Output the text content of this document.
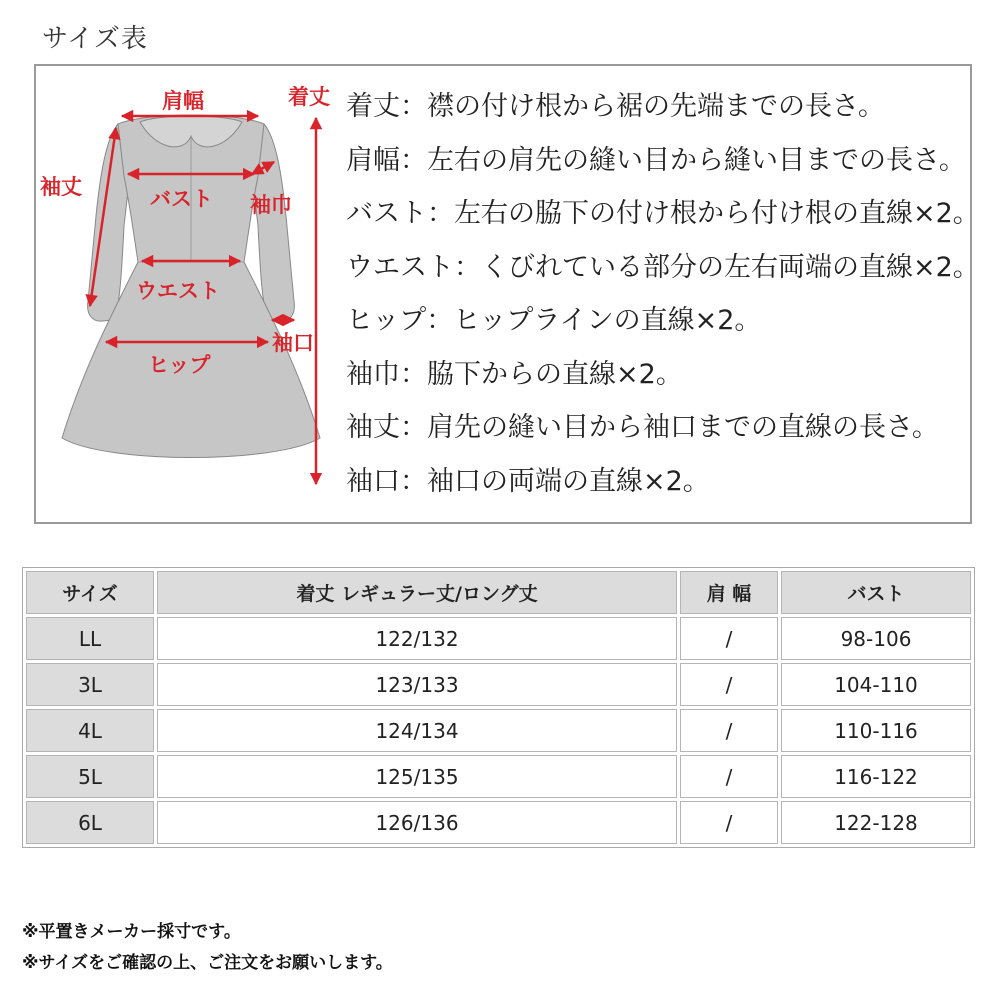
サイズ表
肩幅	着丈
袖丈	バスト 袖巾
ウエスト
袖口
ヒップ
着丈：襟の付け根から裾の先端までの長さ。
肩幅：左右の肩先の縫い目から縫い目までの長さ。
バスト：左右の脇下の付け根から付け根の直線×2。
ウエスト：くびれている部分の左右両端の直線×2。
ヒップ：ヒップラインの直線×2。
袖巾：脇下からの直線×2。
袖丈：肩先の縫い目から袖口までの直線の長さ。
袖口：袖口の両端の直線×2。
サイズ	着丈 レギュラー丈/ロング丈	肩 幅	バスト
LL	122/132	/	98-106
3L	123/133	/	104-110
4L	124/134	/	110-116
5L	125/135	/	116-122
6L	126/136	/	122-128
※平置きメーカー採寸です。
※サイズをご確認の上、ご注文をお願いします。
